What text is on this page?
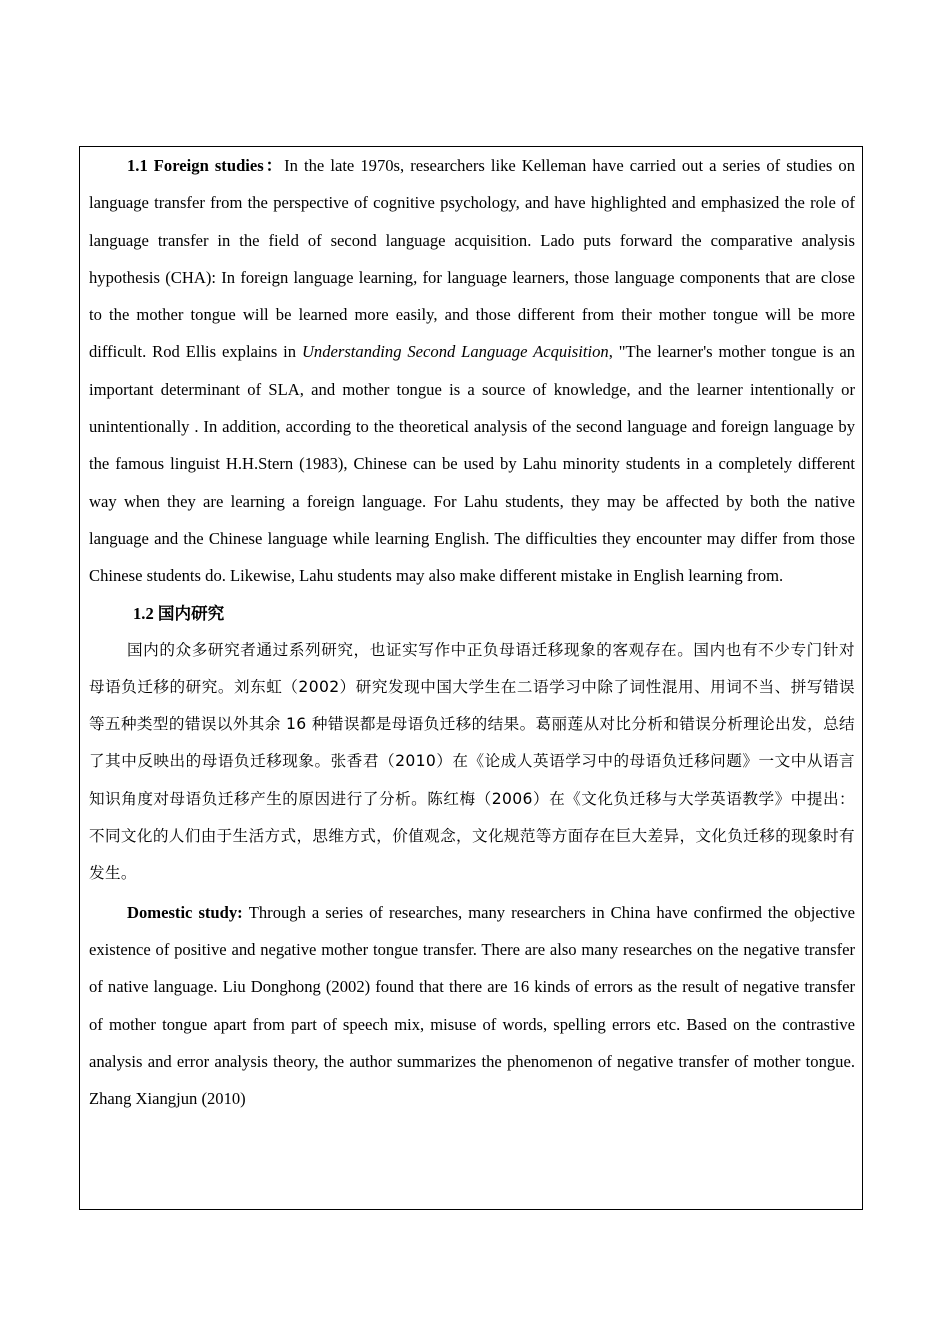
1.1 Foreign studies：In the late 1970s, researchers like Kelleman have carried out a series of studies on language transfer from the perspective of cognitive psychology, and have highlighted and emphasized the role of language transfer in the field of second language acquisition. Lado puts forward the comparative analysis hypothesis (CHA): In foreign language learning, for language learners, those language components that are close to the mother tongue will be learned more easily, and those different from their mother tongue will be more difficult. Rod Ellis explains in Understanding Second Language Acquisition, "The learner's mother tongue is an important determinant of SLA, and mother tongue is a source of knowledge, and the learner intentionally or unintentionally . In addition, according to the theoretical analysis of the second language and foreign language by the famous linguist H.H.Stern (1983), Chinese can be used by Lahu minority students in a completely different way when they are learning a foreign language. For Lahu students, they may be affected by both the native language and the Chinese language while learning English. The difficulties they encounter may differ from those Chinese students do. Likewise, Lahu students may also make different mistake in English learning from.

1.2 国内研究

国内的众多研究者通过系列研究，也证实写作中正负母语迁移现象的客观存在。国内也有不少专门针对母语负迁移的研究。刘东虹（2002）研究发现中国大学生在二语学习中除了词性混用、用词不当、拼写错误等五种类型的错误以外其余 16 种错误都是母语负迁移的结果。葛丽莲从对比分析和错误分析理论出发，总结了其中反映出的母语负迁移现象。张香君（2010）在《论成人英语学习中的母语负迁移问题》一文中从语言知识角度对母语负迁移产生的原因进行了分析。陈红梅（2006）在《文化负迁移与大学英语教学》中提出：不同文化的人们由于生活方式，思维方式，价值观念，文化规范等方面存在巨大差异，文化负迁移的现象时有发生。

Domestic study: Through a series of researches, many researchers in China have confirmed the objective existence of positive and negative mother tongue transfer. There are also many researches on the negative transfer of native language. Liu Donghong (2002) found that there are 16 kinds of errors as the result of negative transfer of mother tongue apart from part of speech mix, misuse of words, spelling errors etc. Based on the contrastive analysis and error analysis theory, the author summarizes the phenomenon of negative transfer of mother tongue. Zhang Xiangjun (2010)
